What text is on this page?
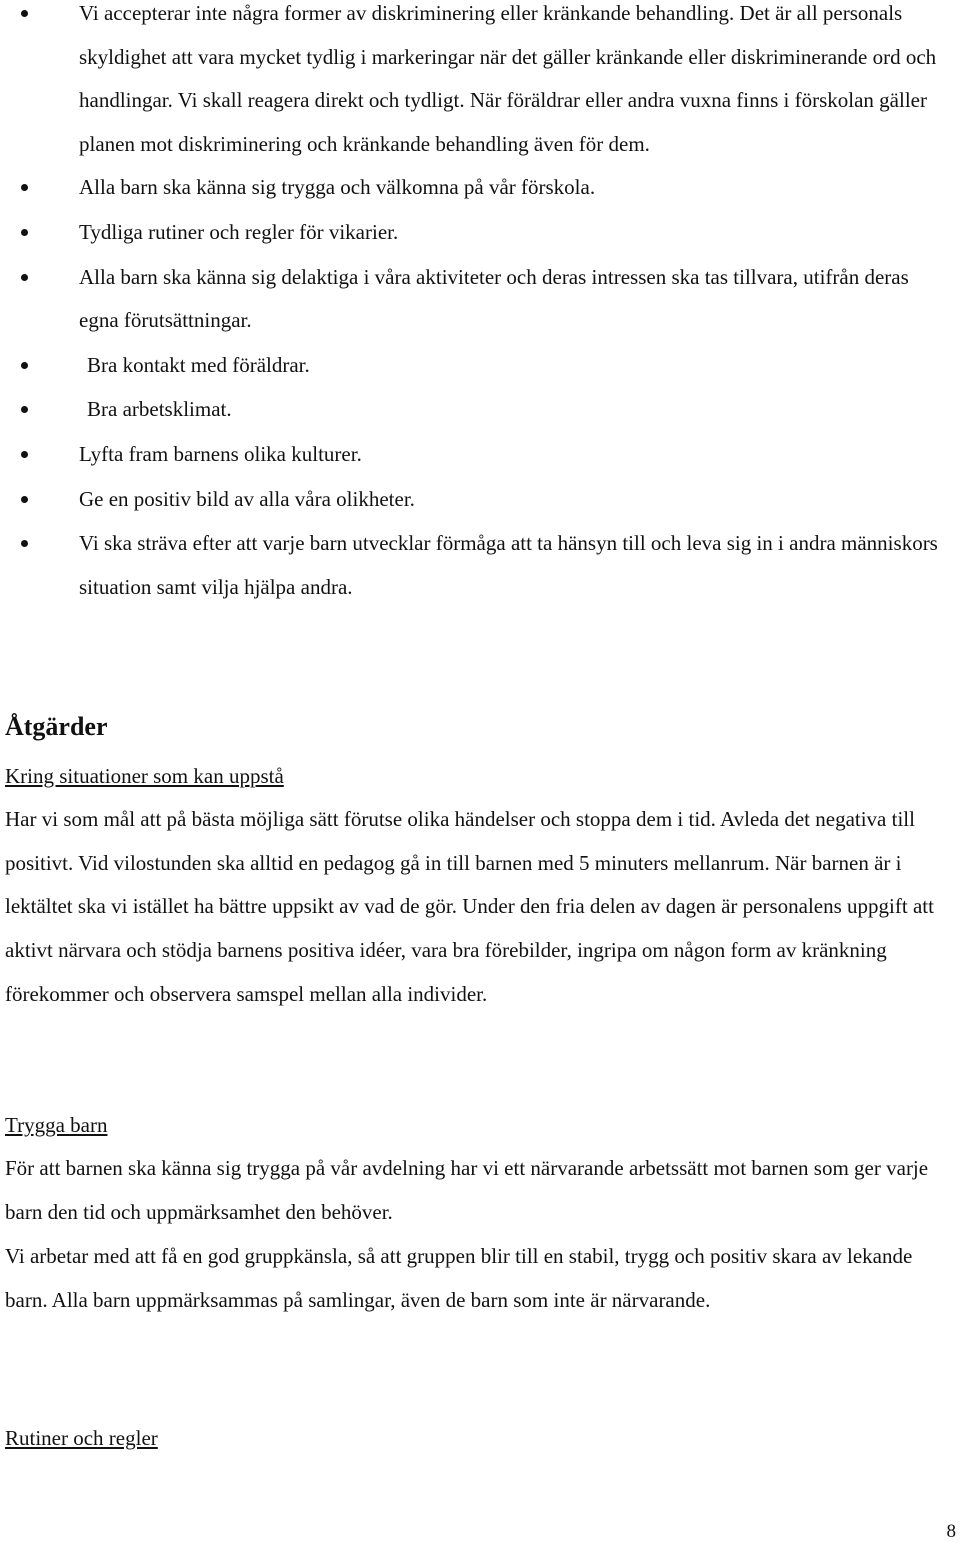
Vi accepterar inte några former av diskriminering eller kränkande behandling. Det är all personals skyldighet att vara mycket tydlig i markeringar när det gäller kränkande eller diskriminerande ord och handlingar. Vi skall reagera direkt och tydligt. När föräldrar eller andra vuxna finns i förskolan gäller planen mot diskriminering och kränkande behandling även för dem.
Alla barn ska känna sig trygga och välkomna på vår förskola.
Tydliga rutiner och regler för vikarier.
Alla barn ska känna sig delaktiga i våra aktiviteter och deras intressen ska tas tillvara, utifrån deras egna förutsättningar.
Bra kontakt med föräldrar.
Bra arbetsklimat.
Lyfta fram barnens olika kulturer.
Ge en positiv bild av alla våra olikheter.
Vi ska sträva efter att varje barn utvecklar förmåga att ta hänsyn till och leva sig in i andra människors situation samt vilja hjälpa andra.
Åtgärder

Kring situationer som kan uppstå

Har vi som mål att på bästa möjliga sätt förutse olika händelser och stoppa dem i tid. Avleda det negativa till positivt. Vid vilostunden ska alltid en pedagog gå in till barnen med 5 minuters mellanrum. När barnen är i lektältet ska vi istället ha bättre uppsikt av vad de gör. Under den fria delen av dagen är personalens uppgift att aktivt närvara och stödja barnens positiva idéer, vara bra förebilder, ingripa om någon form av kränkning förekommer och observera samspel mellan alla individer.

Trygga barn

För att barnen ska känna sig trygga på vår avdelning har vi ett närvarande arbetssätt mot barnen som ger varje barn den tid och uppmärksamhet den behöver.

Vi arbetar med att få en god gruppkänsla, så att gruppen blir till en stabil, trygg och positiv skara av lekande barn. Alla barn uppmärksammas på samlingar, även de barn som inte är närvarande.

Rutiner och regler

8
